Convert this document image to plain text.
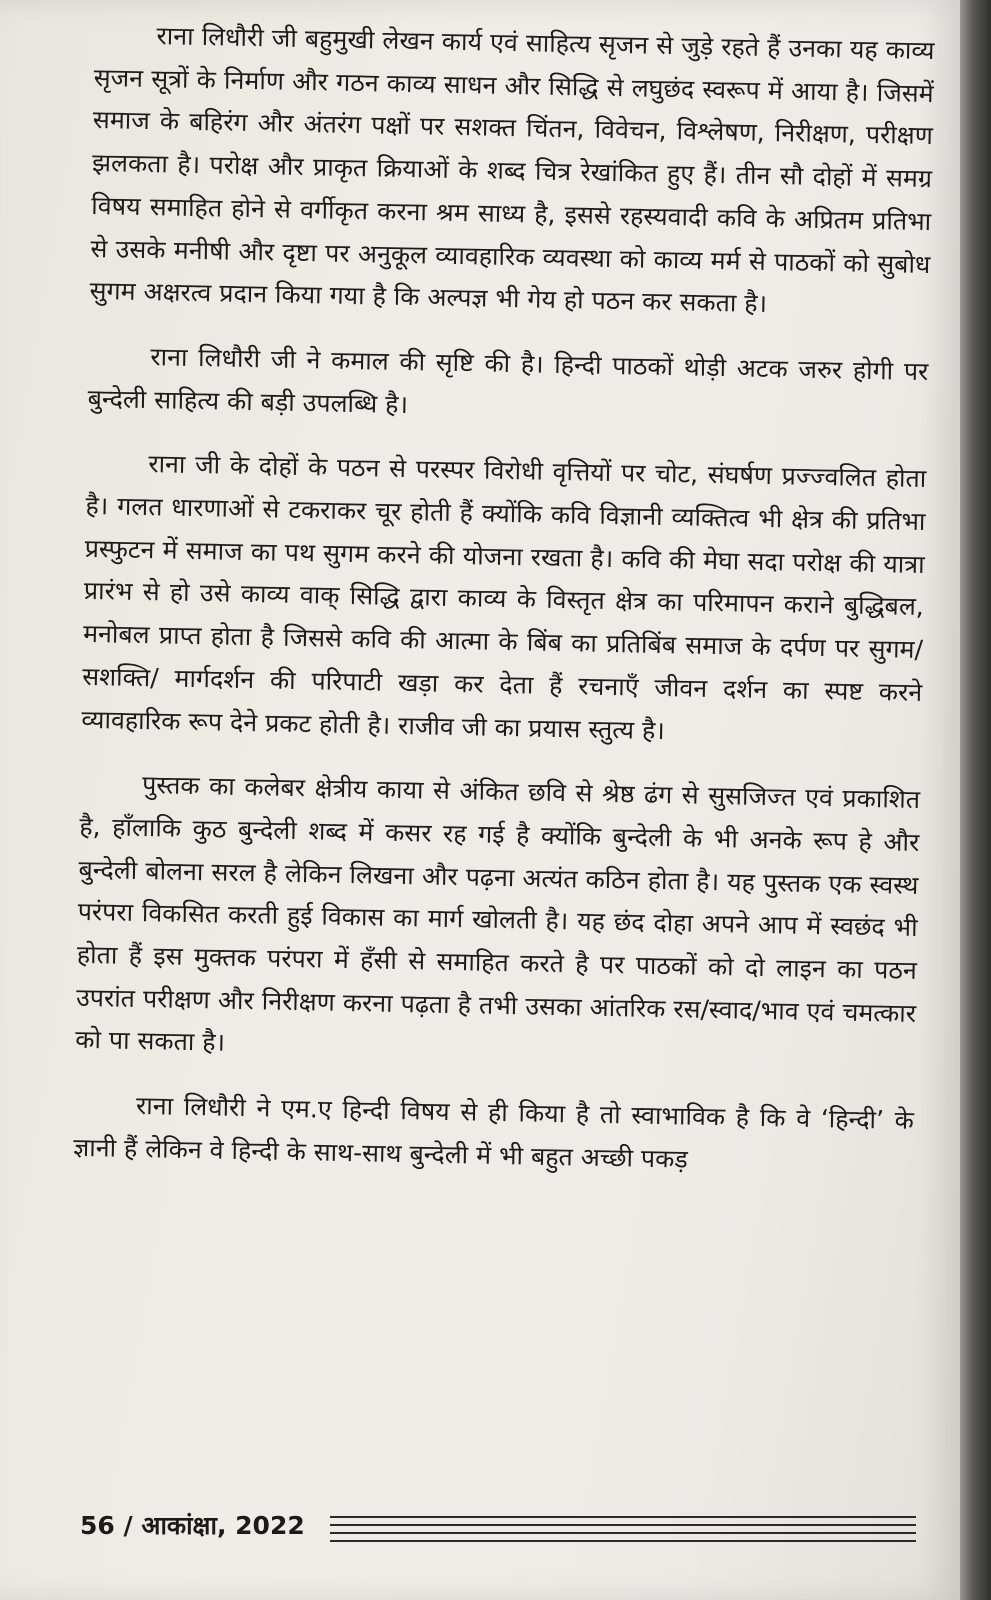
राना लिधौरी जी बहुमुखी लेखन कार्य एवं साहित्य सृजन से जुड़े रहते हैं उनका यह काव्य सृजन सूत्रों के निर्माण और गठन काव्य साधन और सिद्धि से लघुछंद स्वरूप में आया है। जिसमें समाज के बहिरंग और अंतरंग पक्षों पर सशक्त चिंतन, विवेचन, विश्लेषण, निरीक्षण, परीक्षण झलकता है। परोक्ष और प्राकृत क्रियाओं के शब्द चित्र रेखांकित हुए हैं। तीन सौ दोहों में समग्र विषय समाहित होने से वर्गीकृत करना श्रम साध्य है, इससे रहस्यवादी कवि के अप्रितम प्रतिभा से उसके मनीषी और दृष्टा पर अनुकूल व्यावहारिक व्यवस्था को काव्य मर्म से पाठकों को सुबोध सुगम अक्षरत्व प्रदान किया गया है कि अल्पज्ञ भी गेय हो पठन कर सकता है।

राना लिधौरी जी ने कमाल की सृष्टि की है। हिन्दी पाठकों थोड़ी अटक जरुर होगी पर बुन्देली साहित्य की बड़ी उपलब्धि है।

राना जी के दोहों के पठन से परस्पर विरोधी वृत्तियों पर चोट, संघर्षण प्रज्ज्वलित होता है। गलत धारणाओं से टकराकर चूर होती हैं क्योंकि कवि विज्ञानी व्यक्तित्व भी क्षेत्र की प्रतिभा प्रस्फुटन में समाज का पथ सुगम करने की योजना रखता है। कवि की मेघा सदा परोक्ष की यात्रा प्रारंभ से हो उसे काव्य वाक् सिद्धि द्वारा काव्य के विस्तृत क्षेत्र का परिमापन कराने बुद्धिबल, मनोबल प्राप्त होता है जिससे कवि की आत्मा के बिंब का प्रतिबिंब समाज के दर्पण पर सुगम/सशक्ति/ मार्गदर्शन की परिपाटी खड़ा कर देता हैं रचनाएँ जीवन दर्शन का स्पष्ट करने व्यावहारिक रूप देने प्रकट होती है। राजीव जी का प्रयास स्तुत्य है।

पुस्तक का कलेबर क्षेत्रीय काया से अंकित छवि से श्रेष्ठ ढंग से सुसजिज्त एवं प्रकाशित है, हाँलाकि कुठ बुन्देली शब्द में कसर रह गई है क्योंकि बुन्देली के भी अनके रूप हे और बुन्देली बोलना सरल है लेकिन लिखना और पढ़ना अत्यंत कठिन होता है। यह पुस्तक एक स्वस्थ परंपरा विकसित करती हुई विकास का मार्ग खोलती है। यह छंद दोहा अपने आप में स्वछंद भी होता हैं इस मुक्तक परंपरा में हँसी से समाहित करते है पर पाठकों को दो लाइन का पठन उपरांत परीक्षण और निरीक्षण करना पढ़ता है तभी उसका आंतरिक रस/स्वाद/भाव एवं चमत्कार को पा सकता है।

राना लिधौरी ने एम.ए हिन्दी विषय से ही किया है तो स्वाभाविक है कि वे ‘हिन्दी’ के ज्ञानी हैं लेकिन वे हिन्दी के साथ-साथ बुन्देली में भी बहुत अच्छी पकड़

56 / आकांक्षा, 2022
